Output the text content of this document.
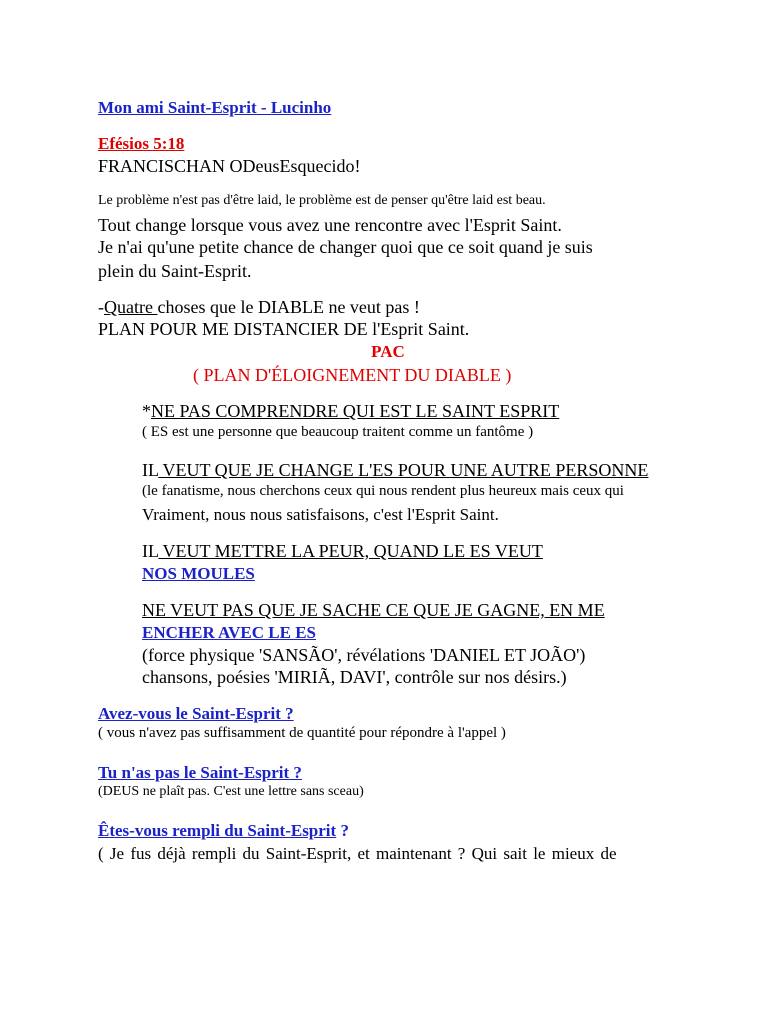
Mon ami Saint-Esprit - Lucinho
Efésios 5:18
FRANCISCHAN ODeusEsquecido!
Le problème n'est pas d'être laid, le problème est de penser qu'être laid est beau.
Tout change lorsque vous avez une rencontre avec l'Esprit Saint.
Je n'ai qu'une petite chance de changer quoi que ce soit quand je suis
plein du Saint-Esprit.
-Quatre choses que le DIABLE ne veut pas !
PLAN POUR ME DISTANCIER DE l'Esprit Saint.
PAC
( PLAN D'ÉLOIGNEMENT DU DIABLE )
*NE PAS COMPRENDRE QUI EST LE SAINT ESPRIT
( ES est une personne que beaucoup traitent comme un fantôme )
IL VEUT QUE JE CHANGE L'ES POUR UNE AUTRE PERSONNE
(le fanatisme, nous cherchons ceux qui nous rendent plus heureux mais ceux qui
Vraiment, nous nous satisfaisons, c'est l'Esprit Saint.
IL VEUT METTRE LA PEUR, QUAND LE ES VEUT
NOS MOULES
NE VEUT PAS QUE JE SACHE CE QUE JE GAGNE, EN ME
ENCHER AVEC LE ES
(force physique 'SANSÃO', révélations 'DANIEL ET JOÃO')
chansons, poésies 'MIRIÃ, DAVI', contrôle sur nos désirs.)
Avez-vous le Saint-Esprit ?
( vous n'avez pas suffisamment de quantité pour répondre à l'appel )
Tu n'as pas le Saint-Esprit ?
(DEUS ne plaît pas. C'est une lettre sans sceau)
Êtes-vous rempli du Saint-Esprit ?
( Je fus déjà rempli du Saint-Esprit, et maintenant ? Qui sait le mieux de
